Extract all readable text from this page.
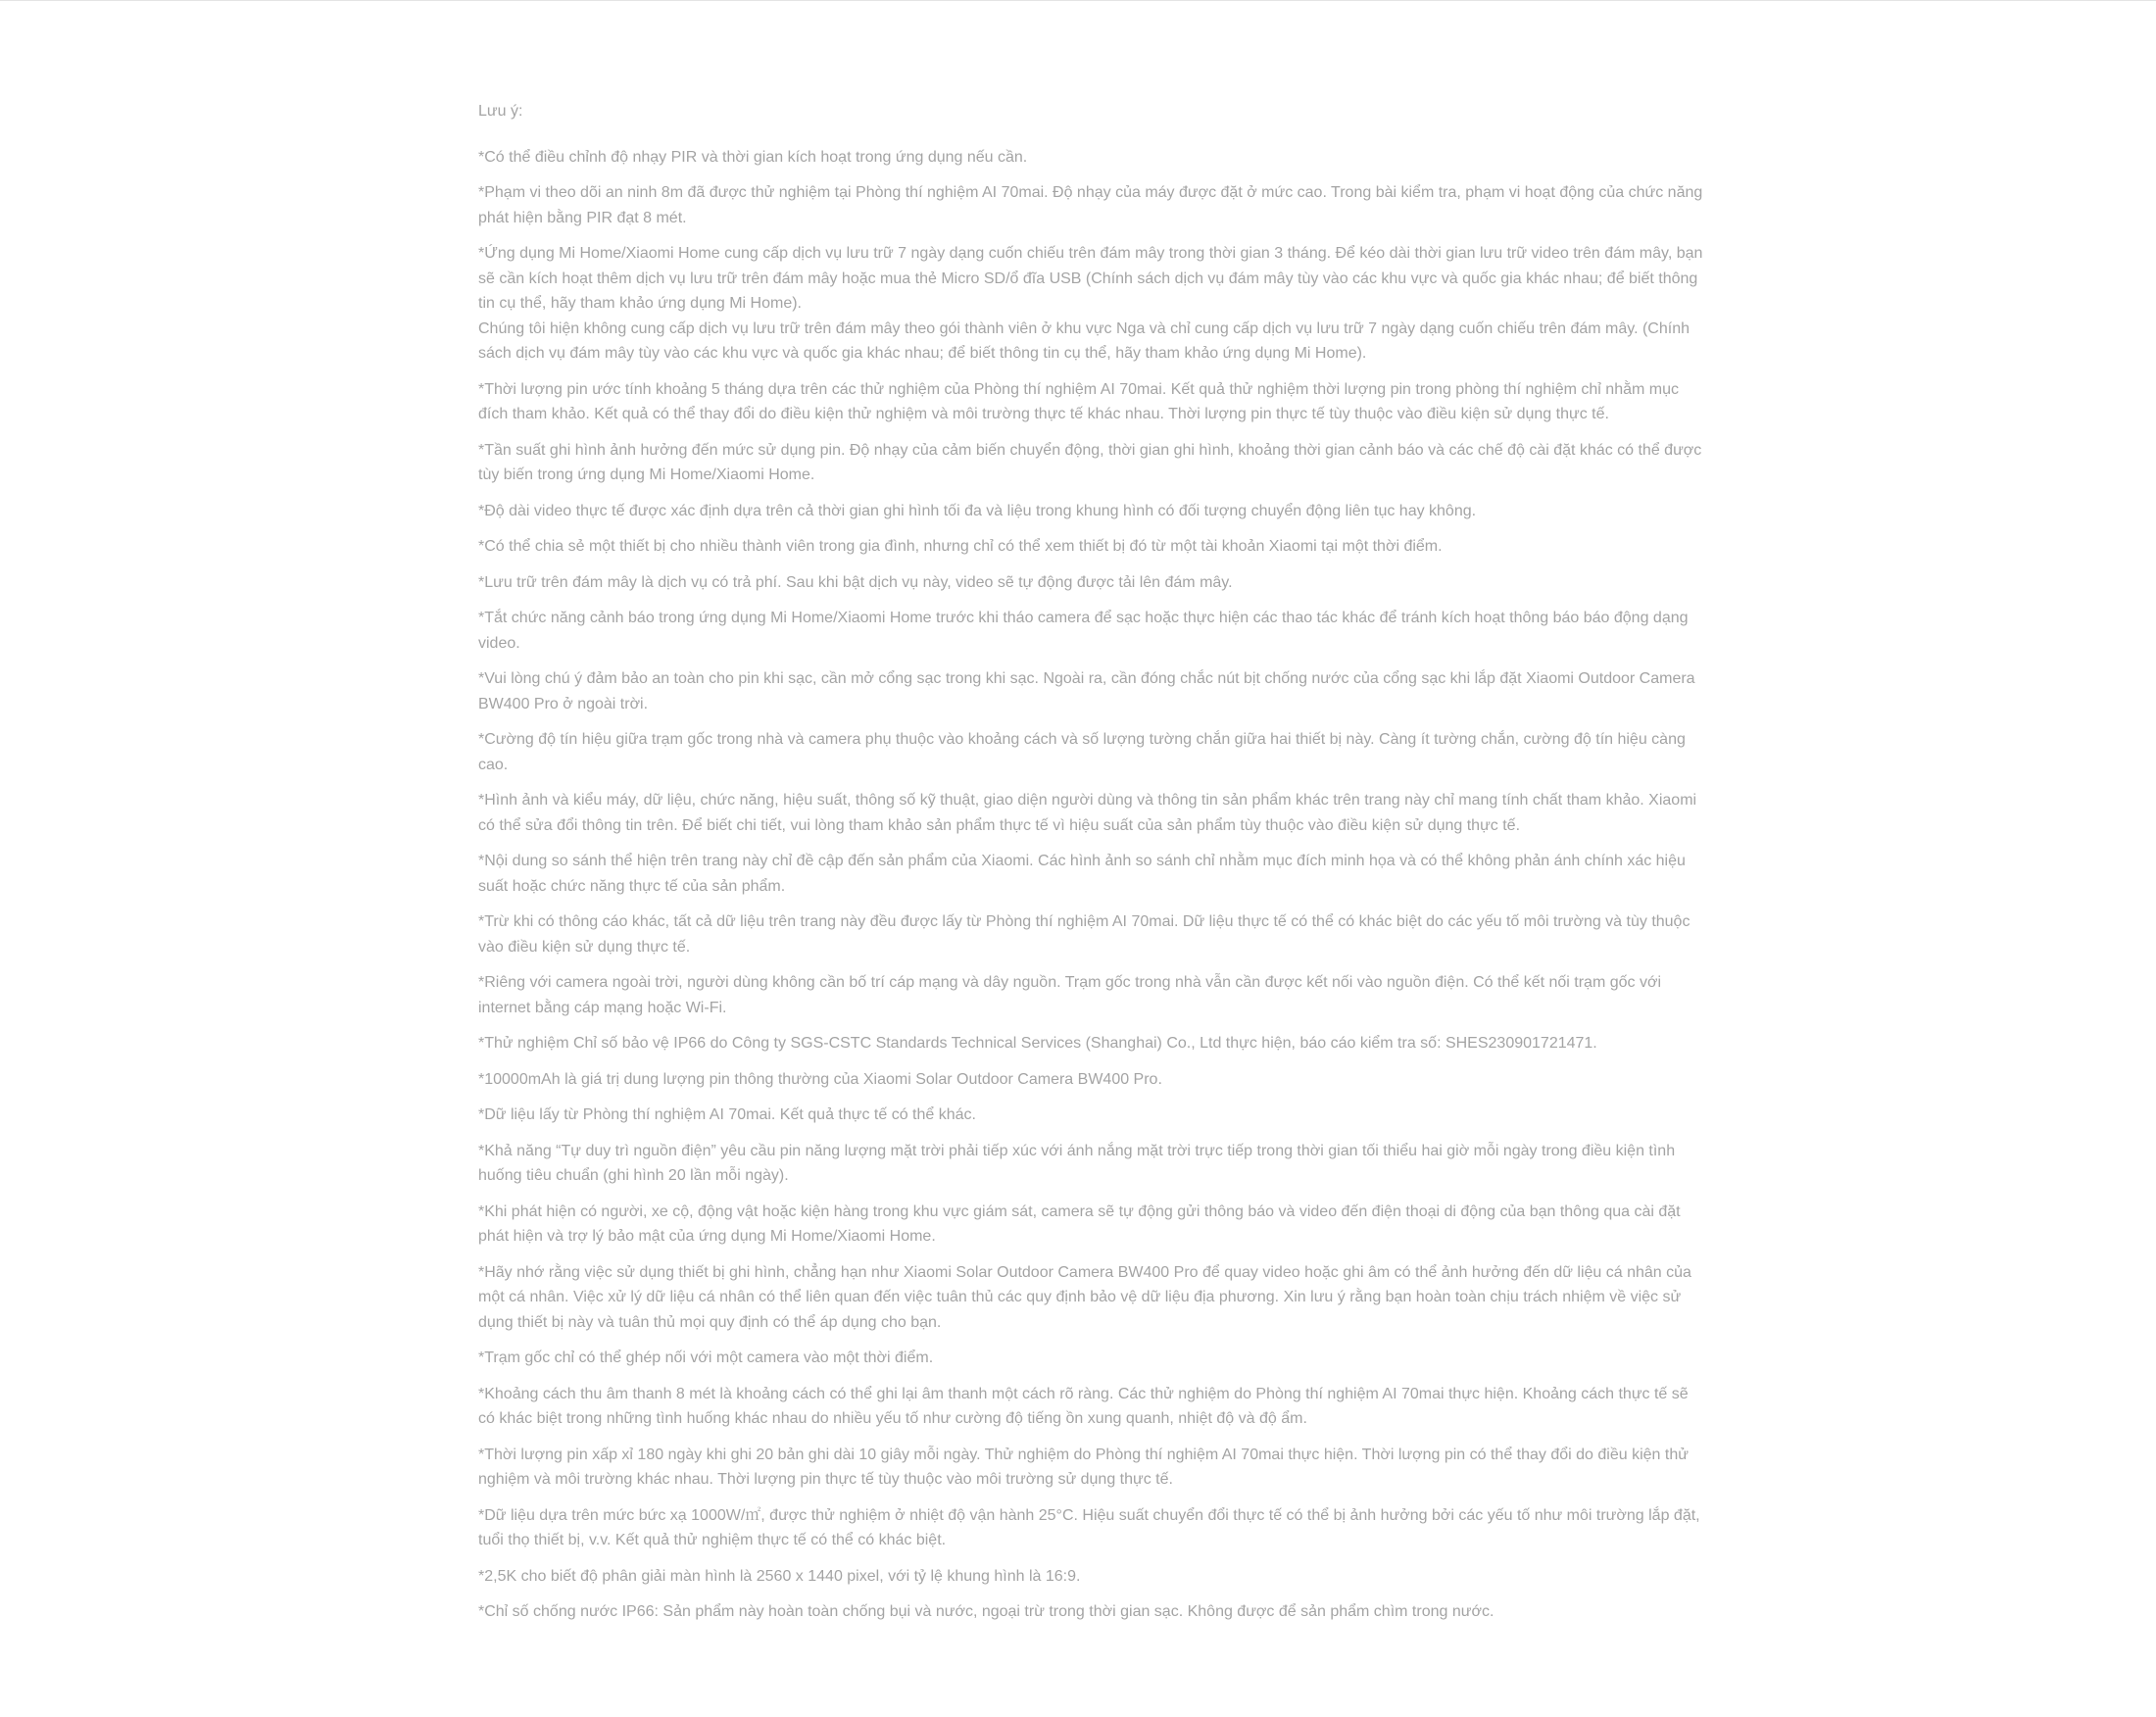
Lưu ý:

*Có thể điều chỉnh độ nhạy PIR và thời gian kích hoạt trong ứng dụng nếu cần.

*Phạm vi theo dõi an ninh 8m đã được thử nghiệm tại Phòng thí nghiệm AI 70mai. Độ nhạy của máy được đặt ở mức cao. Trong bài kiểm tra, phạm vi hoạt động của chức năng phát hiện bằng PIR đạt 8 mét.

*Ứng dụng Mi Home/Xiaomi Home cung cấp dịch vụ lưu trữ 7 ngày dạng cuốn chiếu trên đám mây trong thời gian 3 tháng. Để kéo dài thời gian lưu trữ video trên đám mây, bạn sẽ cần kích hoạt thêm dịch vụ lưu trữ trên đám mây hoặc mua thẻ Micro SD/ổ đĩa USB (Chính sách dịch vụ đám mây tùy vào các khu vực và quốc gia khác nhau; để biết thông tin cụ thể, hãy tham khảo ứng dụng Mi Home).

Chúng tôi hiện không cung cấp dịch vụ lưu trữ trên đám mây theo gói thành viên ở khu vực Nga và chỉ cung cấp dịch vụ lưu trữ 7 ngày dạng cuốn chiếu trên đám mây. (Chính sách dịch vụ đám mây tùy vào các khu vực và quốc gia khác nhau; để biết thông tin cụ thể, hãy tham khảo ứng dụng Mi Home).

*Thời lượng pin ước tính khoảng 5 tháng dựa trên các thử nghiệm của Phòng thí nghiệm AI 70mai. Kết quả thử nghiệm thời lượng pin trong phòng thí nghiệm chỉ nhằm mục đích tham khảo. Kết quả có thể thay đổi do điều kiện thử nghiệm và môi trường thực tế khác nhau. Thời lượng pin thực tế tùy thuộc vào điều kiện sử dụng thực tế.

*Tần suất ghi hình ảnh hưởng đến mức sử dụng pin. Độ nhạy của cảm biến chuyển động, thời gian ghi hình, khoảng thời gian cảnh báo và các chế độ cài đặt khác có thể được tùy biến trong ứng dụng Mi Home/Xiaomi Home.

*Độ dài video thực tế được xác định dựa trên cả thời gian ghi hình tối đa và liệu trong khung hình có đối tượng chuyển động liên tục hay không.

*Có thể chia sẻ một thiết bị cho nhiều thành viên trong gia đình, nhưng chỉ có thể xem thiết bị đó từ một tài khoản Xiaomi tại một thời điểm.

*Lưu trữ trên đám mây là dịch vụ có trả phí. Sau khi bật dịch vụ này, video sẽ tự động được tải lên đám mây.

*Tắt chức năng cảnh báo trong ứng dụng Mi Home/Xiaomi Home trước khi tháo camera để sạc hoặc thực hiện các thao tác khác để tránh kích hoạt thông báo báo động dạng video.

*Vui lòng chú ý đảm bảo an toàn cho pin khi sạc, cần mở cổng sạc trong khi sạc. Ngoài ra, cần đóng chắc nút bịt chống nước của cổng sạc khi lắp đặt Xiaomi Outdoor Camera BW400 Pro ở ngoài trời.

*Cường độ tín hiệu giữa trạm gốc trong nhà và camera phụ thuộc vào khoảng cách và số lượng tường chắn giữa hai thiết bị này. Càng ít tường chắn, cường độ tín hiệu càng cao.

*Hình ảnh và kiểu máy, dữ liệu, chức năng, hiệu suất, thông số kỹ thuật, giao diện người dùng và thông tin sản phẩm khác trên trang này chỉ mang tính chất tham khảo. Xiaomi có thể sửa đổi thông tin trên. Để biết chi tiết, vui lòng tham khảo sản phẩm thực tế vì hiệu suất của sản phẩm tùy thuộc vào điều kiện sử dụng thực tế.

*Nội dung so sánh thể hiện trên trang này chỉ đề cập đến sản phẩm của Xiaomi. Các hình ảnh so sánh chỉ nhằm mục đích minh họa và có thể không phản ánh chính xác hiệu suất hoặc chức năng thực tế của sản phẩm.

*Trừ khi có thông cáo khác, tất cả dữ liệu trên trang này đều được lấy từ Phòng thí nghiệm AI 70mai. Dữ liệu thực tế có thể có khác biệt do các yếu tố môi trường và tùy thuộc vào điều kiện sử dụng thực tế.

*Riêng với camera ngoài trời, người dùng không cần bố trí cáp mạng và dây nguồn. Trạm gốc trong nhà vẫn cần được kết nối vào nguồn điện. Có thể kết nối trạm gốc với internet bằng cáp mạng hoặc Wi-Fi.

*Thử nghiệm Chỉ số bảo vệ IP66 do Công ty SGS-CSTC Standards Technical Services (Shanghai) Co., Ltd thực hiện, báo cáo kiểm tra số: SHES230901721471.

*10000mAh là giá trị dung lượng pin thông thường của Xiaomi Solar Outdoor Camera BW400 Pro.

*Dữ liệu lấy từ Phòng thí nghiệm AI 70mai. Kết quả thực tế có thể khác.

*Khả năng “Tự duy trì nguồn điện” yêu cầu pin năng lượng mặt trời phải tiếp xúc với ánh nắng mặt trời trực tiếp trong thời gian tối thiểu hai giờ mỗi ngày trong điều kiện tình huống tiêu chuẩn (ghi hình 20 lần mỗi ngày).

*Khi phát hiện có người, xe cộ, động vật hoặc kiện hàng trong khu vực giám sát, camera sẽ tự động gửi thông báo và video đến điện thoại di động của bạn thông qua cài đặt phát hiện và trợ lý bảo mật của ứng dụng Mi Home/Xiaomi Home.

*Hãy nhớ rằng việc sử dụng thiết bị ghi hình, chẳng hạn như Xiaomi Solar Outdoor Camera BW400 Pro để quay video hoặc ghi âm có thể ảnh hưởng đến dữ liệu cá nhân của một cá nhân. Việc xử lý dữ liệu cá nhân có thể liên quan đến việc tuân thủ các quy định bảo vệ dữ liệu địa phương. Xin lưu ý rằng bạn hoàn toàn chịu trách nhiệm về việc sử dụng thiết bị này và tuân thủ mọi quy định có thể áp dụng cho bạn.

*Trạm gốc chỉ có thể ghép nối với một camera vào một thời điểm.

*Khoảng cách thu âm thanh 8 mét là khoảng cách có thể ghi lại âm thanh một cách rõ ràng. Các thử nghiệm do Phòng thí nghiệm AI 70mai thực hiện. Khoảng cách thực tế sẽ có khác biệt trong những tình huống khác nhau do nhiều yếu tố như cường độ tiếng ồn xung quanh, nhiệt độ và độ ẩm.

*Thời lượng pin xấp xỉ 180 ngày khi ghi 20 bản ghi dài 10 giây mỗi ngày. Thử nghiệm do Phòng thí nghiệm AI 70mai thực hiện. Thời lượng pin có thể thay đổi do điều kiện thử nghiệm và môi trường khác nhau. Thời lượng pin thực tế tùy thuộc vào môi trường sử dụng thực tế.

*Dữ liệu dựa trên mức bức xạ 1000W/㎡, được thử nghiệm ở nhiệt độ vận hành 25°C. Hiệu suất chuyển đổi thực tế có thể bị ảnh hưởng bởi các yếu tố như môi trường lắp đặt, tuổi thọ thiết bị, v.v. Kết quả thử nghiệm thực tế có thể có khác biệt.

*2,5K cho biết độ phân giải màn hình là 2560 x 1440 pixel, với tỷ lệ khung hình là 16:9.

*Chỉ số chống nước IP66: Sản phẩm này hoàn toàn chống bụi và nước, ngoại trừ trong thời gian sạc. Không được để sản phẩm chìm trong nước.
